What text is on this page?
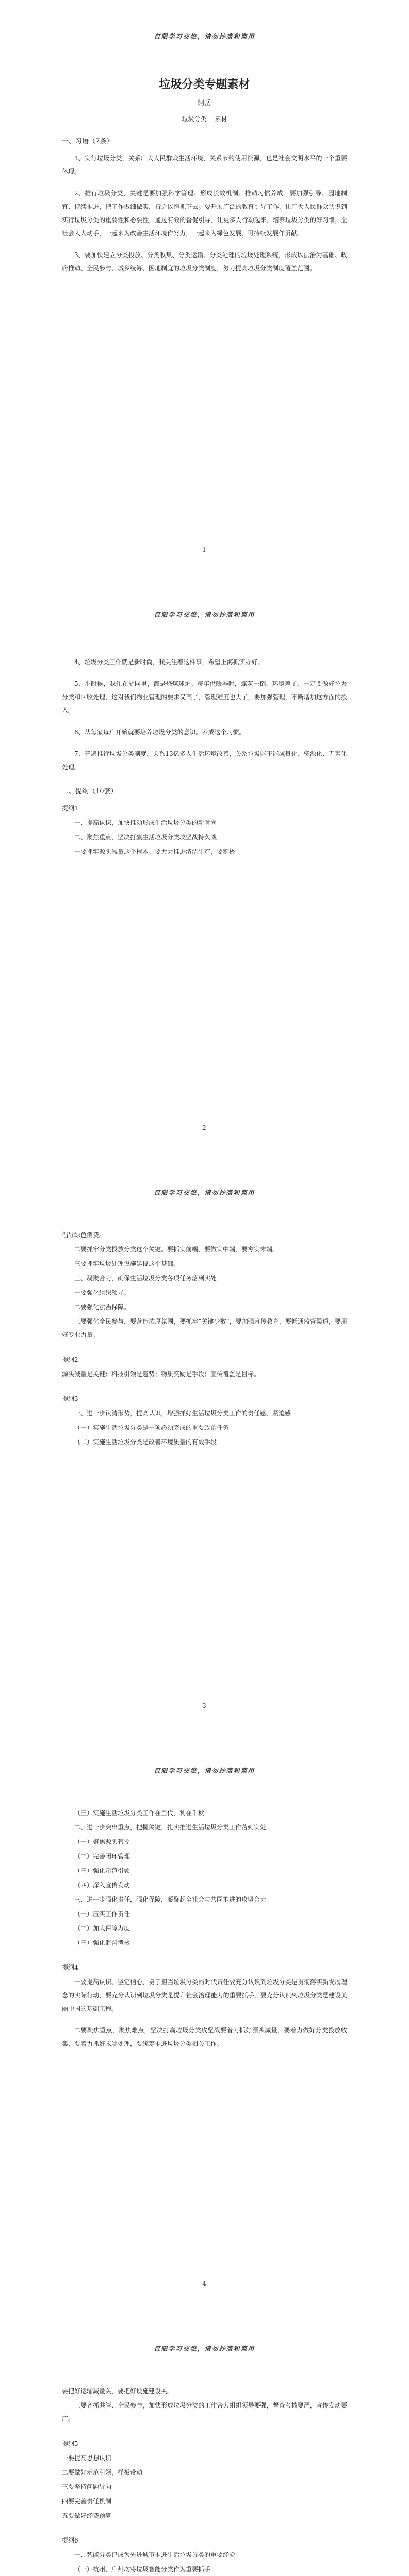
仅限学习交流，请勿抄袭和盗用
垃圾分类专题素材
阿岳
垃圾分类 素材
一、习语（7条）

1、实行垃圾分类，关系广大人民群众生活环境，关系节约使用资源，也是社会文明水平的一个重要体现。

2、推行垃圾分类，关键是要加强科学管理、形成长效机制、推动习惯养成。要加强引导、因地制宜、持续推进，把工作做细做实，持之以恒抓下去。要开展广泛的教育引导工作，让广大人民群众认识到实行垃圾分类的重要性和必要性，通过有效的督促引导，让更多人行动起来，培养垃圾分类的好习惯，全社会人人动手，一起来为改善生活环境作努力，一起来为绿色发展、可持续发展作贡献。

3、要加快建立分类投放、分类收集、分类运输、分类处理的垃圾处理系统，形成以法治为基础、政府推动、全民参与、城乡统筹、因地制宜的垃圾分类制度，努力提高垃圾分类制度覆盖范围。

—1—
仅限学习交流，请勿抄袭和盗用

4、垃圾分类工作就是新时尚，我关注着这件事，希望上海抓实办好。

5、小时候，我住在胡同里，都是烧煤球炉。每年供暖季时，煤灰一倒，环境差了。一定要做好垃圾分类和回收处理，这对我们物业管理的要求又高了，管理难度也大了，要加强管理，不断增加这方面的投入。

6、从每家每户开始就要培养垃圾分类的意识。养成这个习惯。

7、普遍推行垃圾分类制度，关系13亿多人生活环境改善，关系垃圾能不能减量化、资源化、无害化处理。

二、提纲（10套）
提纲1
一、提高认识，加快推动形成生活垃圾分类的新时尚
二、聚焦重点，坚决打赢生活垃圾分类攻坚战持久战
一要抓牢源头减量这个根本。要大力推进清洁生产，要积极
—2—
仅限学习交流，请勿抄袭和盗用
倡导绿色消费。
二要抓牢分类投放分类这个关键。要抓实前端，要做实中端，要夯实末端。
三要抓牢垃圾处理设施建设这个基础。
三、凝聚合力，确保生活垃圾分类各项任务落到实处
一要强化组织领导。
二要强化法治保障。
三要强化全民参与，要营造浓厚氛围，要抓牢“关键少数”，要加强宣传教育，要畅通监督渠道，要用好专业力量。
提纲2
源头减量是关键；科技引领是趋势；物质奖励是手段；宣传覆盖是目标。
提纲3
一、进一步认清形势，提高认识，增强抓好生活垃圾分类工作的责任感、紧迫感
（一）实施生活垃圾分类是一项必须完成的重要政治任务
（二）实施生活垃圾分类是改善环境质量的有效手段
—3—
仅限学习交流，请勿抄袭和盗用
（三）实施生活垃圾分类工作在当代，利在千秋
二、进一步突出重点，把握关键，扎实推进生活垃圾分类工作落到实处
（一）聚焦源头管控
（二）完善闭环管理
（三）强化示范引领
（四）深入宣传发动
三、进一步强化责任，强化保障，凝聚起全社会与共同推进的攻坚合力
（一）压实工作责任
（二）加大保障力度
（三）强化监督考核
提纲4

一要提高认识、坚定信心，勇于担当垃圾分类的时代责任要充分认识到垃圾分类是贯彻落实新发展理念的实际行动，要充分认识到垃圾分类是提升社会治理能力的重要抓手，要充分认识到垃圾分类是建设美丽中国的基础工程。

二要聚焦重点，聚焦难点，坚决打赢垃圾分类攻坚战要着力抓好源头减量，要着力做好分类投放收集，要着力抓好末端处理，要统筹推进垃圾分类相关工作。

—4—
仅限学习交流，请勿抄袭和盗用
要把好运输减量关，要把好设施建设关。

三要齐抓共管、全民参与，加快形成垃圾分类的工作合力组织领导要强，督查考核要严，宣传发动要广。

提纲5
一要提高思想认识
二要做好示范引领，样板带动
三要坚持问题导向
四要完善责任机制
五要做好经费预算
提纲6
一、智能分类已成为先进城市推进生活垃圾分类的重要经验
（一）杭州、广州均将垃圾智能分类作为重要抓手
